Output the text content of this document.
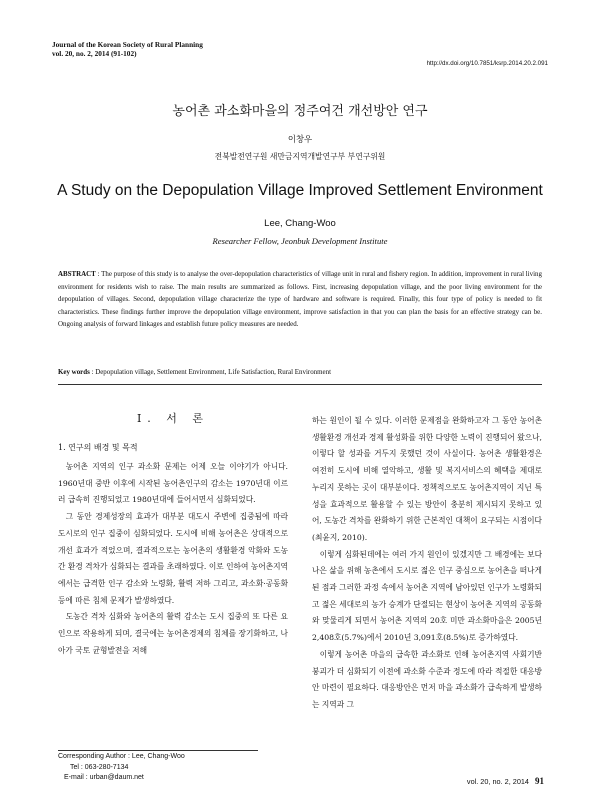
Journal of the Korean Society of Rural Planning
vol. 20, no. 2, 2014 (91-102)
http://dx.doi.org/10.7851/ksrp.2014.20.2.091
농어촌 과소화마을의 정주여건 개선방안 연구
이창우
전북발전연구원 새만금지역개발연구부 부연구위원
A Study on the Depopulation Village Improved Settlement Environment
Lee, Chang-Woo
Researcher Fellow, Jeonbuk Development Institute
ABSTRACT : The purpose of this study is to analyse the over-depopulation characteristics of village unit in rural and fishery region. In addition, improvement in rural living environment for residents wish to raise. The main results are summarized as follows. First, increasing depopulation village, and the poor living environment for the depopulation of villages. Second, depopulation village characterize the type of hardware and software is required. Finally, this four type of policy is needed to fit characteristics. These findings further improve the depopulation village environment, improve satisfaction in that you can plan the basis for an effective strategy can be. Ongoing analysis of forward linkages and establish future policy measures are needed.
Key words : Depopulation village, Settlement Environment, Life Satisfaction, Rural Environment
I. 서 론

1. 연구의 배경 및 목적

농어촌 지역의 인구 과소화 문제는 어제 오늘 이야기가 아니다. 1960년대 중반 이후에 시작된 농어촌인구의 감소는 1970년대 이르러 급속히 진행되었고 1980년대에 들어서면서 심화되었다.

그 동안 경제성장의 효과가 대부분 대도시 주변에 집중됨에 따라 도시로의 인구 집중이 심화되었다. 도시에 비해 농어촌은 상대적으로 개선 효과가 적었으며, 결과적으로는 농어촌의 생활환경 악화와 도농간 환경 격차가 심화되는 결과를 초래하였다. 이로 인하여 농어촌지역에서는 급격한 인구 감소와 노령화, 활력 저하 그리고, 과소화·공동화 등에 따른 침체 문제가 발생하였다.

도농간 격차 심화와 농어촌의 활력 감소는 도시 집중의 또 다른 요인으로 작용하게 되며, 결국에는 농어촌경제의 침체를 장기화하고, 나아가 국토 균형발전을 저해

하는 원인이 될 수 있다. 이러한 문제점을 완화하고자 그 동안 농어촌 생활환경 개선과 경제 활성화를 위한 다양한 노력이 진행되어 왔으나, 이렇다 할 성과를 거두지 못했던 것이 사실이다. 농어촌 생활환경은 여전히 도시에 비해 열악하고, 생활 및 복지서비스의 혜택을 제대로 누리지 못하는 곳이 대부분이다. 정책적으로도 농어촌지역이 지닌 특성을 효과적으로 활용할 수 있는 방안이 충분히 제시되지 못하고 있어, 도농간 격차를 완화하기 위한 근본적인 대책이 요구되는 시점이다(최윤지, 2010).

이렇게 심화된데에는 여러 가지 원인이 있겠지만 그 배경에는 보다 나은 삶을 위해 농촌에서 도시로 젊은 인구 중심으로 농어촌을 떠나게 된 점과 그러한 과정 속에서 농어촌 지역에 남아있던 인구가 노령화되고 젊은 세대로의 농가 승계가 단절되는 현상이 농어촌 지역의 공동화와 맞물리게 되면서 농어촌 지역의 20호 미만 과소화마을은 2005년 2,408호(5.7%)에서 2010년 3,091호(8.5%)로 증가하였다.

이렇게 농어촌 마을의 급속한 과소화로 인해 농어촌지역 사회기반붕괴가 더 심화되기 이전에 과소화 수준과 정도에 따라 적절한 대응방안 마련이 필요하다. 대응방안은 먼저 마을 과소화가 급속하게 발생하는 지역과 그

Corresponding Author : Lee, Chang-Woo
Tel : 063-280-7134
E-mail : urban@daum.net	vol. 20, no. 2, 2014 91
